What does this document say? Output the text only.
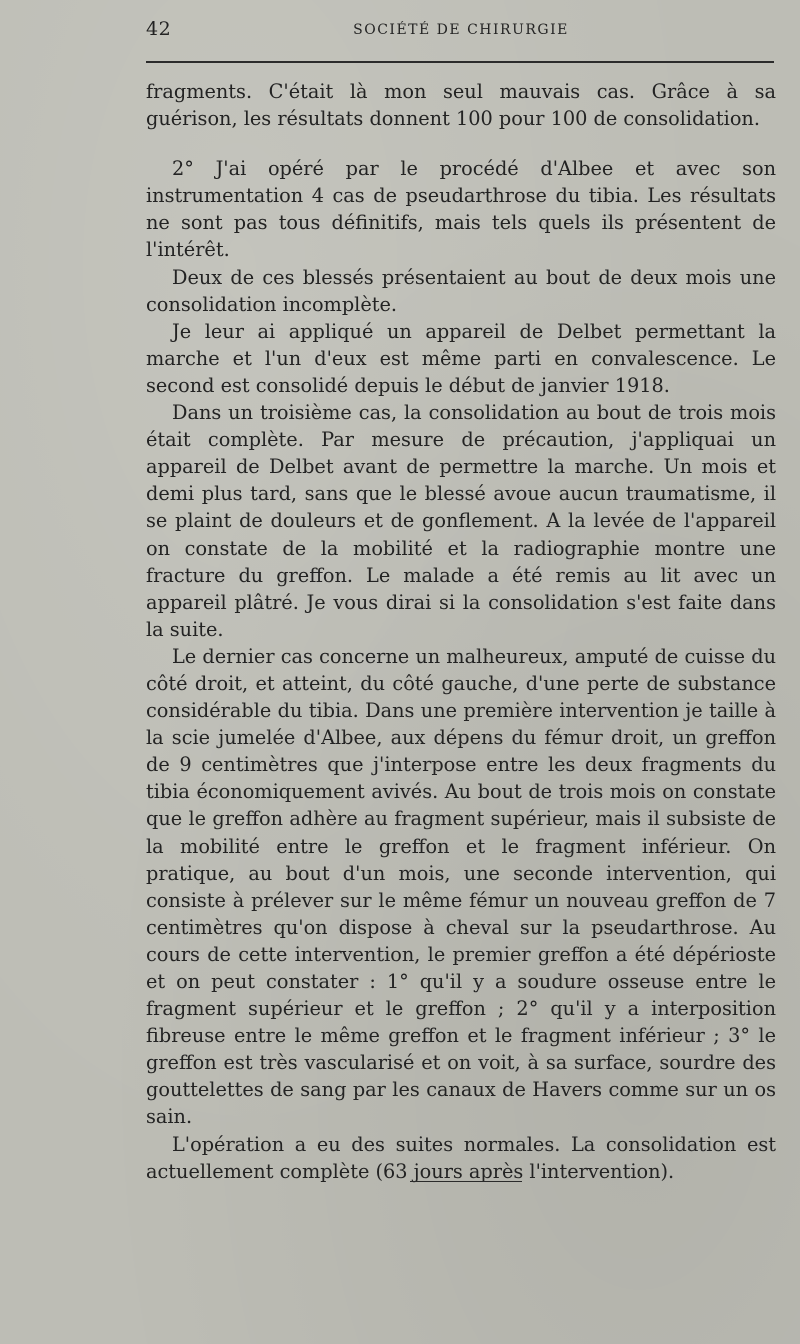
42	SOCIÉTÉ DE CHIRURGIE

fragments. C'était là mon seul mauvais cas. Grâce à sa guérison, les résultats donnent 100 pour 100 de consolidation.

2° J'ai opéré par le procédé d'Albee et avec son instrumentation 4 cas de pseudarthrose du tibia. Les résultats ne sont pas tous définitifs, mais tels quels ils présentent de l'intérêt.

Deux de ces blessés présentaient au bout de deux mois une consolidation incomplète.

Je leur ai appliqué un appareil de Delbet permettant la marche et l'un d'eux est même parti en convalescence. Le second est consolidé depuis le début de janvier 1918.

Dans un troisième cas, la consolidation au bout de trois mois était complète. Par mesure de précaution, j'appliquai un appareil de Delbet avant de permettre la marche. Un mois et demi plus tard, sans que le blessé avoue aucun traumatisme, il se plaint de douleurs et de gonflement. A la levée de l'appareil on constate de la mobilité et la radiographie montre une fracture du greffon. Le malade a été remis au lit avec un appareil plâtré. Je vous dirai si la consolidation s'est faite dans la suite.

Le dernier cas concerne un malheureux, amputé de cuisse du côté droit, et atteint, du côté gauche, d'une perte de substance considérable du tibia. Dans une première intervention je taille à la scie jumelée d'Albee, aux dépens du fémur droit, un greffon de 9 centimètres que j'interpose entre les deux fragments du tibia économiquement avivés. Au bout de trois mois on constate que le greffon adhère au fragment supérieur, mais il subsiste de la mobilité entre le greffon et le fragment inférieur. On pratique, au bout d'un mois, une seconde intervention, qui consiste à prélever sur le même fémur un nouveau greffon de 7 centimètres qu'on dispose à cheval sur la pseudarthrose. Au cours de cette intervention, le premier greffon a été dépérioste et on peut constater : 1° qu'il y a soudure osseuse entre le fragment supérieur et le greffon ; 2° qu'il y a interposition fibreuse entre le même greffon et le fragment inférieur ; 3° le greffon est très vascularisé et on voit, à sa surface, sourdre des gouttelettes de sang par les canaux de Havers comme sur un os sain.

L'opération a eu des suites normales. La consolidation est actuellement complète (63 jours après l'intervention).
